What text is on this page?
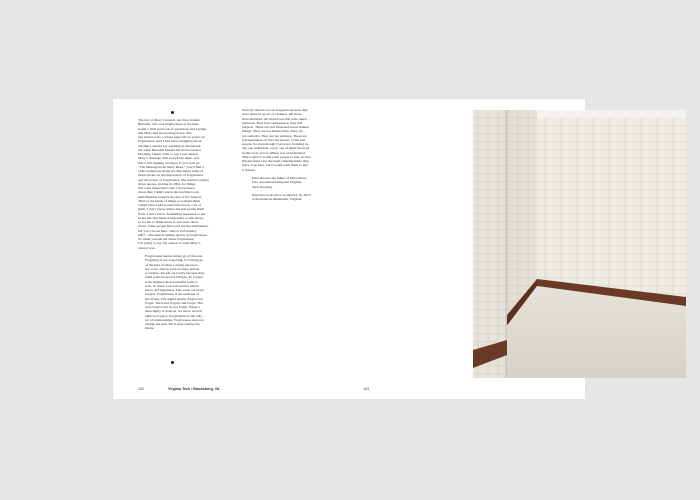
The day of Mary’s funeral, her little brother
Brendan, who was maybe three at the time,
found a little red book of quotations and sayings
that Mary had been jotting down. The
last entries were a whole page full of quotes on
forgiveness. And I had been struggling about
whether I should say anything at the funeral,
but when Brendan handed me that book that
morning, I knew what to say. I just shared
Mary’s message with everybody there, and
that’s still rippling out there. If you look up
“The Message from Mary Read,” you’ll find a
video somebody made encompassing some of
those quotes on the importance of forgiveness
and the power of forgiveness. She started copying
down quotes, starting in 2004, for things
that were important to her. I never knew
about this; I didn’t know she had this book
until Brendan found it the day of her funeral.
They’re the kinds of things you might think
a high school girl would write down, a lot of
them. I don’t know where she had gotten them
from. I don’t know. Something happened to her
in her life that made it important to talk about,
or for her to think about it, and write those
down. Some people have told me the attributions,
but you can see here—this is in February
2007—she started writing quotes on forgiveness.
So when you ask me about forgiveness,
I’m going to say, my answer is what Mary’s
answer was.

Forgiveness means letting go of the past.
Forgiving is not forgetting; it’s letting go
of the hurt. It takes a strong person to
say sorry, and an even stronger person
to forgive. People are lonely because they
build walls instead of bridges. To forgive
is the highest, most beautiful form of
love. In return you will receive untold
peace and happiness. The weak can never
forgive. Forgiveness is the attribute of
the strong. The stupid neither forgive nor
forget. The naïve forgive and forget. The
wise forgive but do not forget. When a
deep injury is done us, we never recover
until we forgive. Forgiveness is the only
act of relationships. Forgiveness does not
change the past, but it does enlarge the
future.

102	Virginia Tech / Blacksburg, VA

Nobody should ever be forgotten because they
were taken in an act of violence. All those
lives mattered. All those lives that were taken
mattered. They had consequence, they had
purpose. These are real flesh-and-blood human
beings. They are not abstractions. They are
not statistics. They are not pictures. These are
representations of the real person, of the real
people. So even though you’re not focusing on
any one individual, every one of them involved
in this story you’re telling was an individual.
That’s what it would want people to feel, in turn.
(Please hand over the heart.) Intellectually they
know it up here, but I would want them to feel
it in here.

Peter Read is the father of Mary Read,
who was killed during the Virginia
Tech shooting.

Interview took place on January 16, 2015,
at his home in Annandale, Virginia.

103
